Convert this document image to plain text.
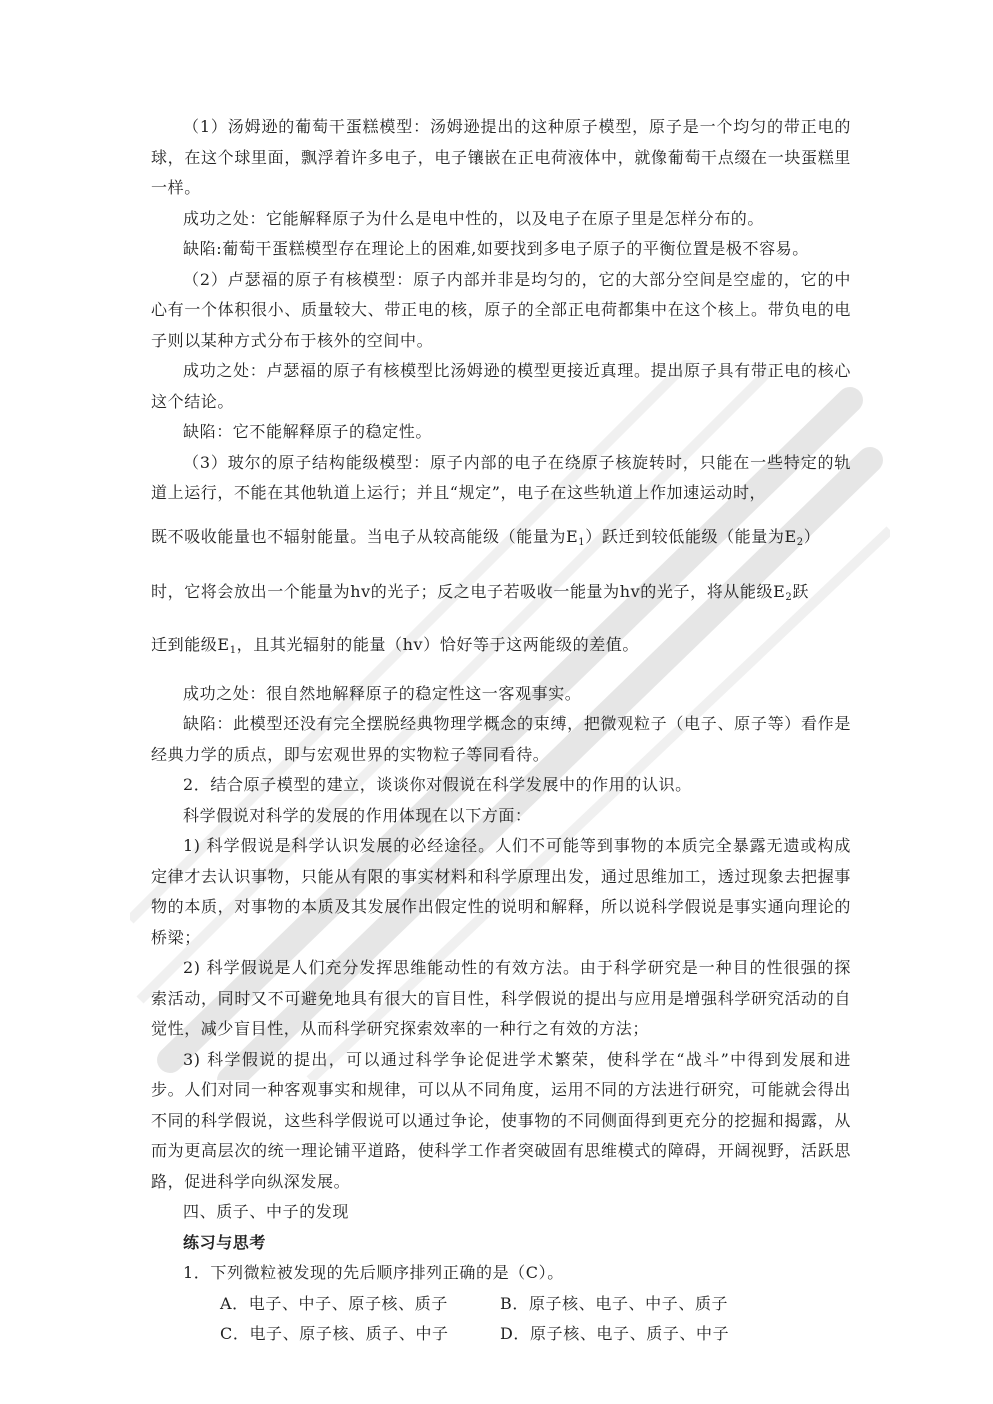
（1）汤姆逊的葡萄干蛋糕模型：汤姆逊提出的这种原子模型，原子是一个均匀的带正电的球，在这个球里面，飘浮着许多电子，电子镶嵌在正电荷液体中，就像葡萄干点缀在一块蛋糕里一样。

成功之处：它能解释原子为什么是电中性的，以及电子在原子里是怎样分布的。

缺陷:葡萄干蛋糕模型存在理论上的困难,如要找到多电子原子的平衡位置是极不容易。

（2）卢瑟福的原子有核模型：原子内部并非是均匀的，它的大部分空间是空虚的，它的中心有一个体积很小、质量较大、带正电的核，原子的全部正电荷都集中在这个核上。带负电的电子则以某种方式分布于核外的空间中。

成功之处：卢瑟福的原子有核模型比汤姆逊的模型更接近真理。提出原子具有带正电的核心这个结论。

缺陷：它不能解释原子的稳定性。

（3）玻尔的原子结构能级模型：原子内部的电子在绕原子核旋转时，只能在一些特定的轨道上运行，不能在其他轨道上运行；并且“规定”，电子在这些轨道上作加速运动时，

既不吸收能量也不辐射能量。当电子从较高能级（能量为$E_1$）跃迁到较低能级（能量为$E_2$）

时，它将会放出一个能量为hv的光子；反之电子若吸收一能量为hv的光子，将从能级$E_2$跃

迁到能级$E_1$，且其光辐射的能量（hv）恰好等于这两能级的差值。

成功之处：很自然地解释原子的稳定性这一客观事实。

缺陷：此模型还没有完全摆脱经典物理学概念的束缚，把微观粒子（电子、原子等）看作是经典力学的质点，即与宏观世界的实物粒子等同看待。

2．结合原子模型的建立，谈谈你对假说在科学发展中的作用的认识。

科学假说对科学的发展的作用体现在以下方面：

1) 科学假说是科学认识发展的必经途径。人们不可能等到事物的本质完全暴露无遗或构成定律才去认识事物，只能从有限的事实材料和科学原理出发，通过思维加工，透过现象去把握事物的本质，对事物的本质及其发展作出假定性的说明和解释，所以说科学假说是事实通向理论的桥梁；

2) 科学假说是人们充分发挥思维能动性的有效方法。由于科学研究是一种目的性很强的探索活动，同时又不可避免地具有很大的盲目性，科学假说的提出与应用是增强科学研究活动的自觉性，减少盲目性，从而科学研究探索效率的一种行之有效的方法；

3) 科学假说的提出，可以通过科学争论促进学术繁荣，使科学在“战斗”中得到发展和进步。人们对同一种客观事实和规律，可以从不同角度，运用不同的方法进行研究，可能就会得出不同的科学假说，这些科学假说可以通过争论，使事物的不同侧面得到更充分的挖掘和揭露，从而为更高层次的统一理论铺平道路，使科学工作者突破固有思维模式的障碍，开阔视野，活跃思路，促进科学向纵深发展。

四、质子、中子的发现

练习与思考

1．下列微粒被发现的先后顺序排列正确的是（C）。

A．电子、中子、原子核、质子	B．原子核、电子、中子、质子
C．电子、原子核、质子、中子	D．原子核、电子、质子、中子
